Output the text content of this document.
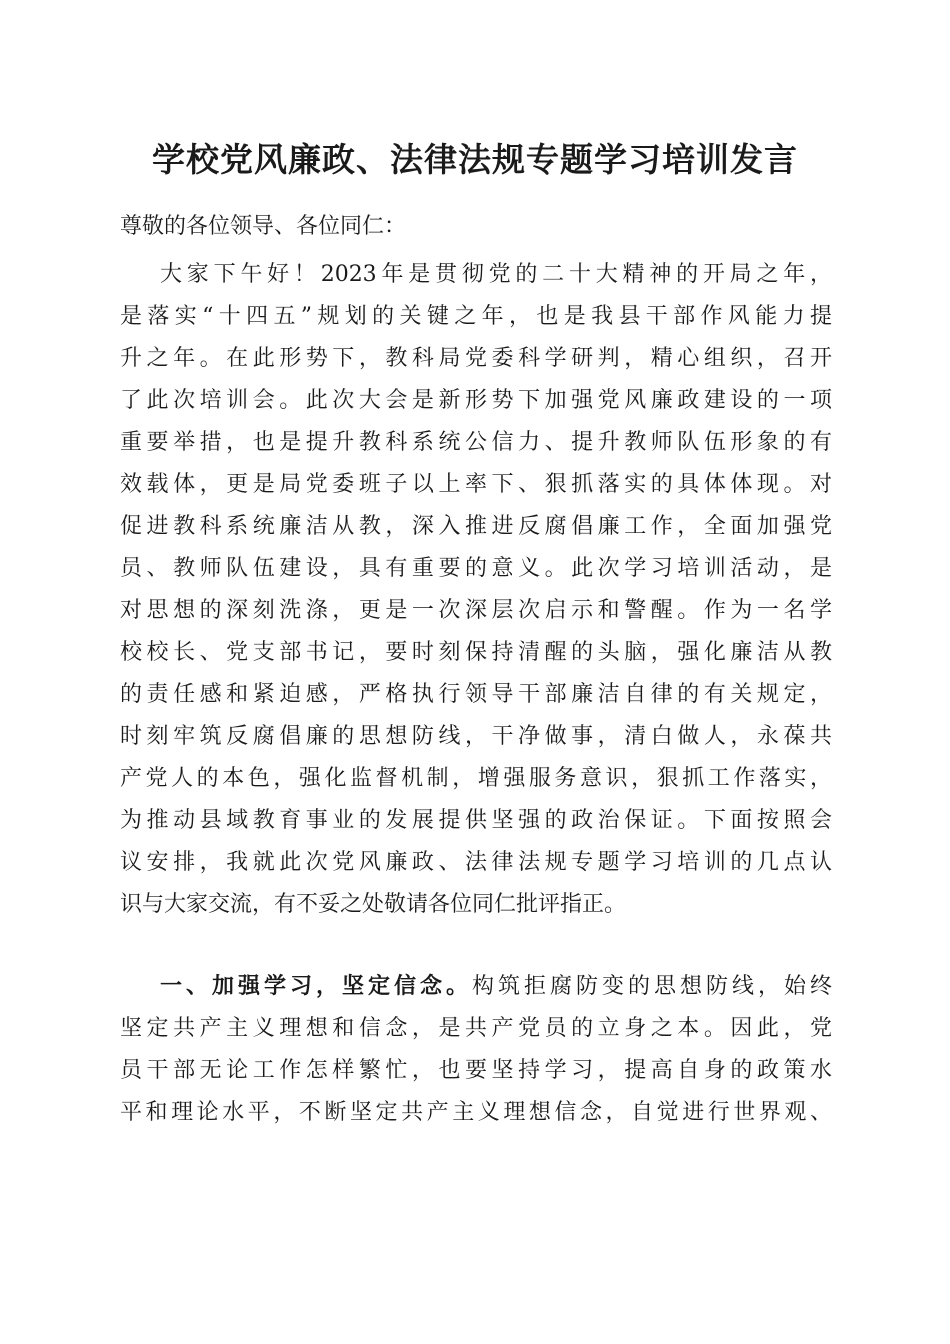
学校党风廉政、法律法规专题学习培训发言

尊敬的各位领导、各位同仁：

大家下午好！2023年是贯彻党的二十大精神的开局之年，
是落实“十四五”规划的关键之年，也是我县干部作风能力提
升之年。在此形势下，教科局党委科学研判，精心组织，召开
了此次培训会。此次大会是新形势下加强党风廉政建设的一项
重要举措，也是提升教科系统公信力、提升教师队伍形象的有
效载体，更是局党委班子以上率下、狠抓落实的具体体现。对
促进教科系统廉洁从教，深入推进反腐倡廉工作，全面加强党
员、教师队伍建设，具有重要的意义。此次学习培训活动，是
对思想的深刻洗涤，更是一次深层次启示和警醒。作为一名学
校校长、党支部书记，要时刻保持清醒的头脑，强化廉洁从教
的责任感和紧迫感，严格执行领导干部廉洁自律的有关规定，
时刻牢筑反腐倡廉的思想防线，干净做事，清白做人，永葆共
产党人的本色，强化监督机制，增强服务意识，狠抓工作落实，
为推动县域教育事业的发展提供坚强的政治保证。下面按照会
议安排，我就此次党风廉政、法律法规专题学习培训的几点认
识与大家交流，有不妥之处敬请各位同仁批评指正。
一、加强学习，坚定信念。构筑拒腐防变的思想防线，始终
坚定共产主义理想和信念，是共产党员的立身之本。因此，党
员干部无论工作怎样繁忙，也要坚持学习，提高自身的政策水
平和理论水平，不断坚定共产主义理想信念，自觉进行世界观、
